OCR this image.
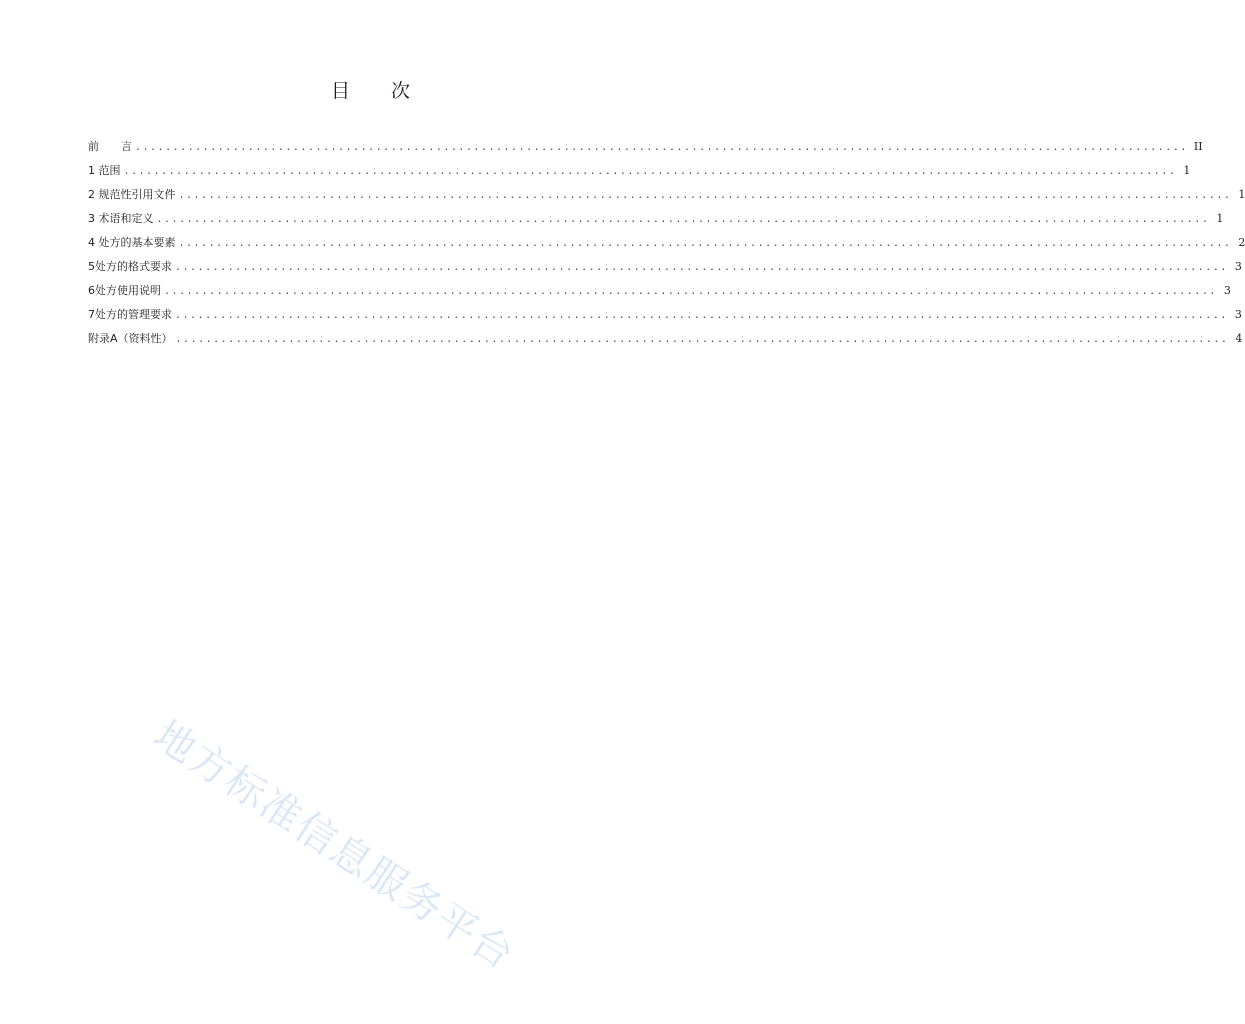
目　　次
前　　言 ............................................................................................................................................ II
1 范围 ............................................................................................................................................ 1
2 规范性引用文件 ............................................................................................................................................ 1
3 术语和定义 ............................................................................................................................................ 1
4 处方的基本要素 ............................................................................................................................................ 2
5处方的格式要求 ............................................................................................................................................ 3
6处方使用说明 ............................................................................................................................................ 3
7处方的管理要求 ............................................................................................................................................ 3
附录A（资料性） ............................................................................................................................................ 4
地方标准信息服务平台
